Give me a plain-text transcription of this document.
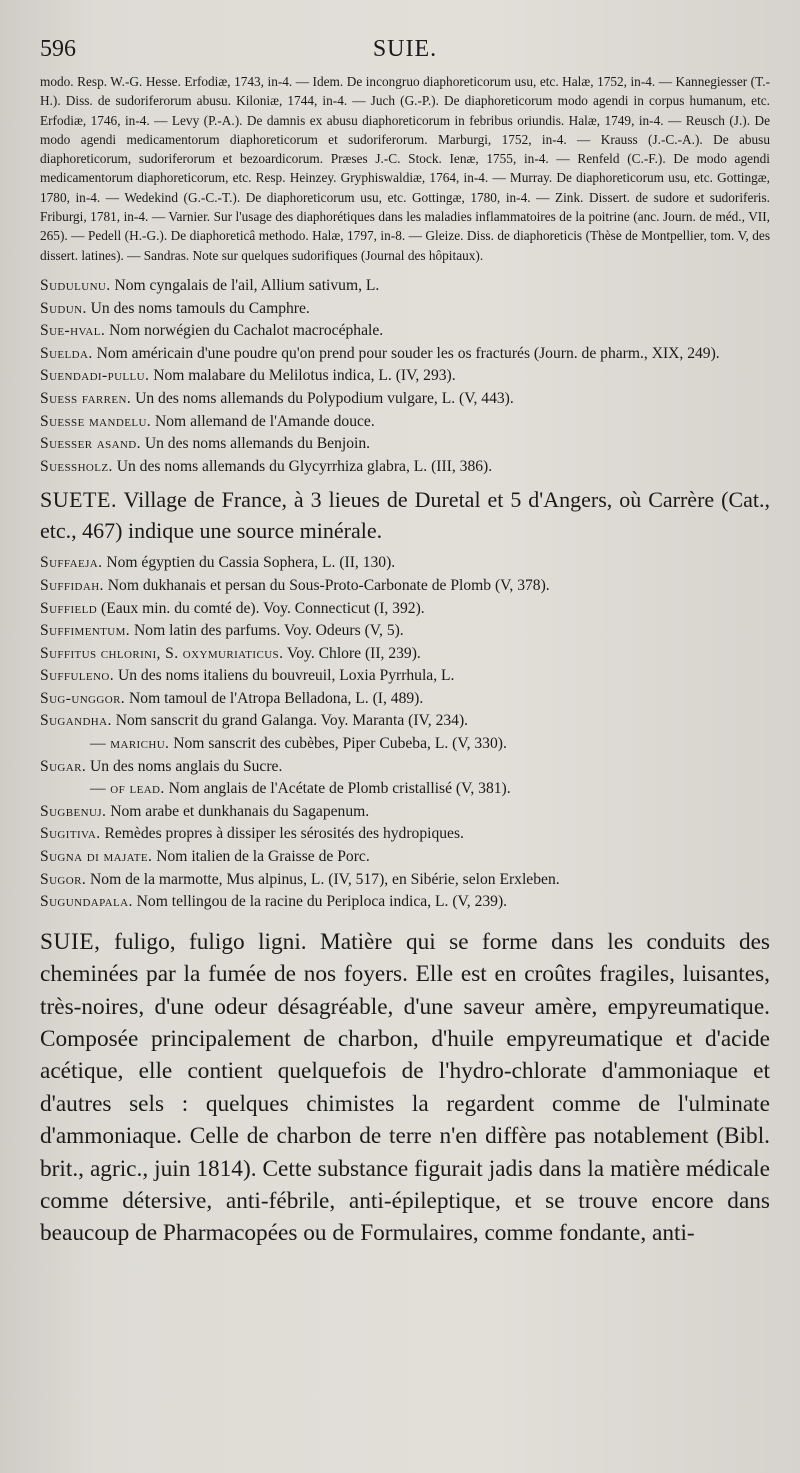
596	SUIE.

modo. Resp. W.-G. Hesse. Erfodiæ, 1743, in-4. — Idem. De incongruo diaphoreticorum usu, etc. Halæ, 1752, in-4. — Kannegiesser (T.-H.). Diss. de sudoriferorum abusu. Kiloniæ, 1744, in-4. — Juch (G.-P.). De diaphoreticorum modo agendi in corpus humanum, etc. Erfodiæ, 1746, in-4. — Levy (P.-A.). De damnis ex abusu diaphoreticorum in febribus oriundis. Halæ, 1749, in-4. — Reusch (J.). De modo agendi medicamentorum diaphoreticorum et sudoriferorum. Marburgi, 1752, in-4. — Krauss (J.-C.-A.). De abusu diaphoreticorum, sudoriferorum et bezoardicorum. Præses J.-C. Stock. Ienæ, 1755, in-4. — Renfeld (C.-F.). De modo agendi medicamentorum diaphoreticorum, etc. Resp. Heinzey. Gryphiswaldiæ, 1764, in-4. — Murray. De diaphoreticorum usu, etc. Gottingæ, 1780, in-4. — Wedekind (G.-C.-T.). De diaphoreticorum usu, etc. Gottingæ, 1780, in-4. — Zink. Dissert. de sudore et sudoriferis. Friburgi, 1781, in-4. — Varnier. Sur l'usage des diaphorétiques dans les maladies inflammatoires de la poitrine (anc. Journ. de méd., VII, 265). — Pedell (H.-G.). De diaphoreticâ methodo. Halæ, 1797, in-8. — Gleize. Diss. de diaphoreticis (Thèse de Montpellier, tom. V, des dissert. latines). — Sandras. Note sur quelques sudorifiques (Journal des hôpitaux).

Sudulunu. Nom cyngalais de l'ail, Allium sativum, L.

Sudun. Un des noms tamouls du Camphre.

Sue-hval. Nom norwégien du Cachalot macrocéphale.

Suelda. Nom américain d'une poudre qu'on prend pour souder les os fracturés (Journ. de pharm., XIX, 249).

Suendadi-pullu. Nom malabare du Melilotus indica, L. (IV, 293).

Suess farren. Un des noms allemands du Polypodium vulgare, L. (V, 443).

Suesse mandelu. Nom allemand de l'Amande douce.

Suesser asand. Un des noms allemands du Benjoin.

Suessholz. Un des noms allemands du Glycyrrhiza glabra, L. (III, 386).

SUETE. Village de France, à 3 lieues de Duretal et 5 d'Angers, où Carrère (Cat., etc., 467) indique une source minérale.

Suffaeja. Nom égyptien du Cassia Sophera, L. (II, 130).

Suffidah. Nom dukhanais et persan du Sous-Proto-Carbonate de Plomb (V, 378).

Suffield (Eaux min. du comté de). Voy. Connecticut (I, 392).

Suffimentum. Nom latin des parfums. Voy. Odeurs (V, 5).

Suffitus chlorini, S. oxymuriaticus. Voy. Chlore (II, 239).

Suffuleno. Un des noms italiens du bouvreuil, Loxia Pyrrhula, L.

Sug-unggor. Nom tamoul de l'Atropa Belladona, L. (I, 489).

Sugandha. Nom sanscrit du grand Galanga. Voy. Maranta (IV, 234).

— marichu. Nom sanscrit des cubèbes, Piper Cubeba, L. (V, 330).

Sugar. Un des noms anglais du Sucre.

— of lead. Nom anglais de l'Acétate de Plomb cristallisé (V, 381).

Sugbenuj. Nom arabe et dunkhanais du Sagapenum.

Sugitiva. Remèdes propres à dissiper les sérosités des hydropiques.

Sugna di majate. Nom italien de la Graisse de Porc.

Sugor. Nom de la marmotte, Mus alpinus, L. (IV, 517), en Sibérie, selon Erxleben.

Sugundapala. Nom tellingou de la racine du Periploca indica, L. (V, 239).

SUIE, fuligo, fuligo ligni. Matière qui se forme dans les conduits des cheminées par la fumée de nos foyers. Elle est en croûtes fragiles, luisantes, très-noires, d'une odeur désagréable, d'une saveur amère, empyreumatique. Composée principalement de charbon, d'huile empyreumatique et d'acide acétique, elle contient quelquefois de l'hydro-chlorate d'ammoniaque et d'autres sels : quelques chimistes la regardent comme de l'ulminate d'ammoniaque. Celle de charbon de terre n'en diffère pas notablement (Bibl. brit., agric., juin 1814). Cette substance figurait jadis dans la matière médicale comme détersive, anti-fébrile, anti-épileptique, et se trouve encore dans beaucoup de Pharmacopées ou de Formulaires, comme fondante, anti-
